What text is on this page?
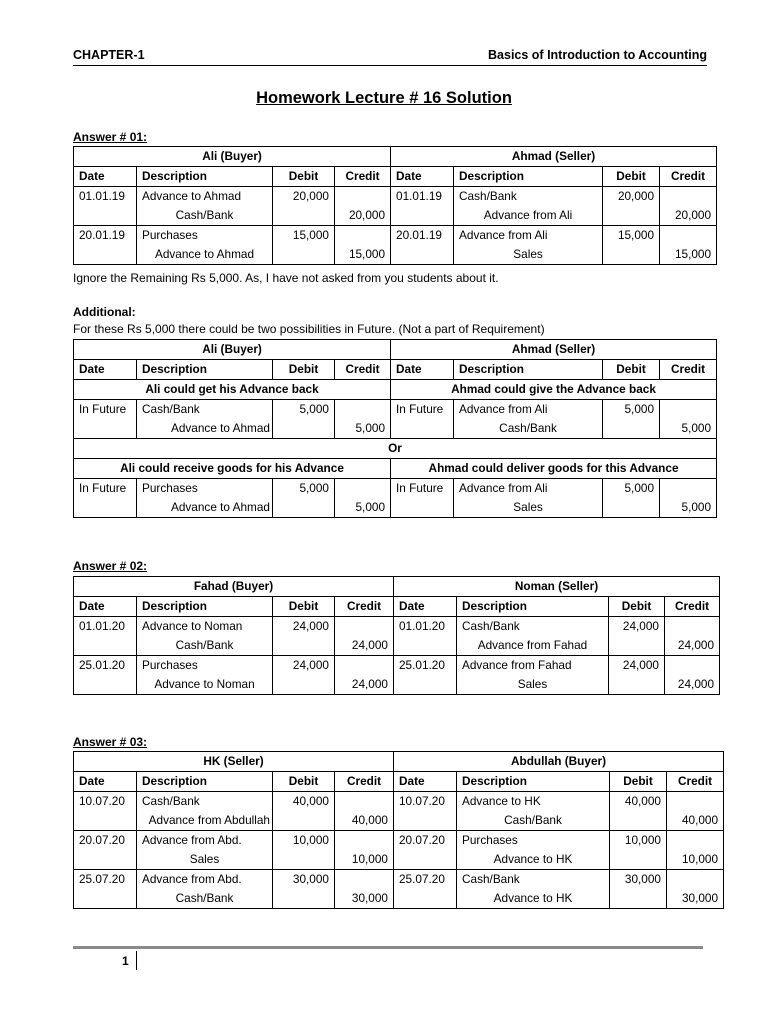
CHAPTER-1	Basics of Introduction to Accounting
Homework Lecture # 16 Solution
Answer # 01:
Ali (Buyer)				Ahmad (Seller)			
Date	Description	Debit	Credit	Date	Description	Debit	Credit
01.01.19	Advance to Ahmad	20,000		01.01.19	Cash/Bank	20,000	
	Cash/Bank		20,000		Advance from Ali		20,000
20.01.19	Purchases	15,000		20.01.19	Advance from Ali	15,000	
	Advance to Ahmad		15,000		Sales		15,000
Ignore the Remaining Rs 5,000. As, I have not asked from you students about it.
Additional:
For these Rs 5,000 there could be two possibilities in Future. (Not a part of Requirement)
Ali (Buyer)				Ahmad (Seller)			
Date	Description	Debit	Credit	Date	Description	Debit	Credit
Ali could get his Advance back				Ahmad could give the Advance back			
In Future	Cash/Bank	5,000		In Future	Advance from Ali	5,000	
	Advance to Ahmad		5,000		Cash/Bank		5,000
Or							
Ali could receive goods for his Advance				Ahmad could deliver goods for this Advance			
In Future	Purchases	5,000		In Future	Advance from Ali	5,000	
	Advance to Ahmad		5,000		Sales		5,000
Answer # 02:
Fahad (Buyer)				Noman (Seller)			
Date	Description	Debit	Credit	Date	Description	Debit	Credit
01.01.20	Advance to Noman	24,000		01.01.20	Cash/Bank	24,000	
	Cash/Bank		24,000		Advance from Fahad		24,000
25.01.20	Purchases	24,000		25.01.20	Advance from Fahad	24,000	
	Advance to Noman		24,000		Sales		24,000
Answer # 03:
HK (Seller)				Abdullah (Buyer)			
Date	Description	Debit	Credit	Date	Description	Debit	Credit
10.07.20	Cash/Bank	40,000		10.07.20	Advance to HK	40,000	
	Advance from Abdullah		40,000		Cash/Bank		40,000
20.07.20	Advance from Abd.	10,000		20.07.20	Purchases	10,000	
	Sales		10,000		Advance to HK		10,000
25.07.20	Advance from Abd.	30,000		25.07.20	Cash/Bank	30,000	
	Cash/Bank		30,000		Advance to HK		30,000
1
